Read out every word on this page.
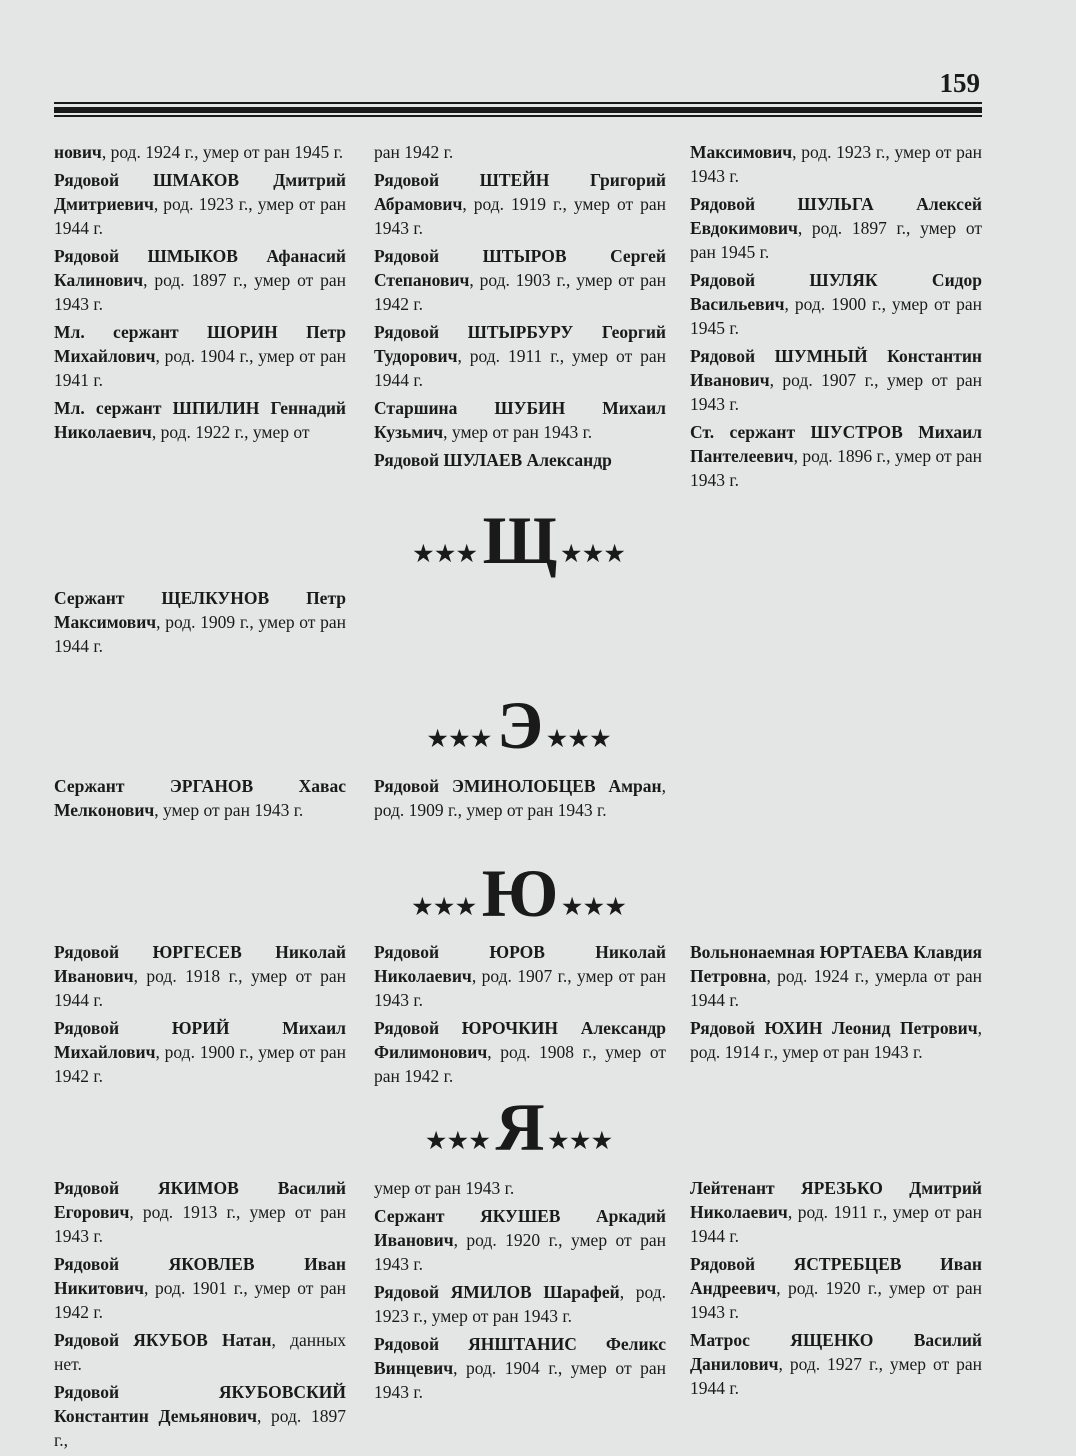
159

нович, род. 1924 г., умер от ран 1945 г.

Рядовой ШМАКОВ Дмитрий Дмитриевич, род. 1923 г., умер от ран 1944 г.

Рядовой ШМЫКОВ Афанасий Калинович, род. 1897 г., умер от ран 1943 г.

Мл. сержант ШОРИН Петр Михайлович, род. 1904 г., умер от ран 1941 г.

Мл. сержант ШПИЛИН Геннадий Николаевич, род. 1922 г., умер от

ран 1942 г.

Рядовой ШТЕЙН Григорий Абрамович, род. 1919 г., умер от ран 1943 г.

Рядовой ШТЫРОВ Сергей Степанович, род. 1903 г., умер от ран 1942 г.

Рядовой ШТЫРБУРУ Георгий Тудорович, род. 1911 г., умер от ран 1944 г.

Старшина ШУБИН Михаил Кузьмич, умер от ран 1943 г.

Рядовой ШУЛАЕВ Александр

Максимович, род. 1923 г., умер от ран 1943 г.

Рядовой ШУЛЬГА Алексей Евдокимович, род. 1897 г., умер от ран 1945 г.

Рядовой ШУЛЯК Сидор Васильевич, род. 1900 г., умер от ран 1945 г.

Рядовой ШУМНЫЙ Константин Иванович, род. 1907 г., умер от ран 1943 г.

Ст. сержант ШУСТРОВ Михаил Пантелеевич, род. 1896 г., умер от ран 1943 г.

★★★ Щ ★★★

Сержант ЩЕЛКУНОВ Петр Максимович, род. 1909 г., умер от ран 1944 г.

★★★ Э ★★★

Сержант ЭРГАНОВ Хавас Мелконович, умер от ран 1943 г.

Рядовой ЭМИНОЛОБЦЕВ Амран, род. 1909 г., умер от ран 1943 г.

★★★ Ю ★★★

Рядовой ЮРГЕСЕВ Николай Иванович, род. 1918 г., умер от ран 1944 г.

Рядовой ЮРИЙ Михаил Михайлович, род. 1900 г., умер от ран 1942 г.

Рядовой ЮРОВ Николай Николаевич, род. 1907 г., умер от ран 1943 г.

Рядовой ЮРОЧКИН Александр Филимонович, род. 1908 г., умер от ран 1942 г.

Вольнонаемная ЮРТАЕВА Клавдия Петровна, род. 1924 г., умерла от ран 1944 г.

Рядовой ЮХИН Леонид Петрович, род. 1914 г., умер от ран 1943 г.

★★★ Я ★★★

Рядовой ЯКИМОВ Василий Егорович, род. 1913 г., умер от ран 1943 г.

Рядовой ЯКОВЛЕВ Иван Никитович, род. 1901 г., умер от ран 1942 г.

Рядовой ЯКУБОВ Натан, данных нет.

Рядовой ЯКУБОВСКИЙ Константин Демьянович, род. 1897 г.,

умер от ран 1943 г.

Сержант ЯКУШЕВ Аркадий Иванович, род. 1920 г., умер от ран 1943 г.

Рядовой ЯМИЛОВ Шарафей, род. 1923 г., умер от ран 1943 г.

Рядовой ЯНШТАНИС Феликс Винцевич, род. 1904 г., умер от ран 1943 г.

Лейтенант ЯРЕЗЬКО Дмитрий Николаевич, род. 1911 г., умер от ран 1944 г.

Рядовой ЯСТРЕБЦЕВ Иван Андреевич, род. 1920 г., умер от ран 1943 г.

Матрос ЯЩЕНКО Василий Данилович, род. 1927 г., умер от ран 1944 г.
